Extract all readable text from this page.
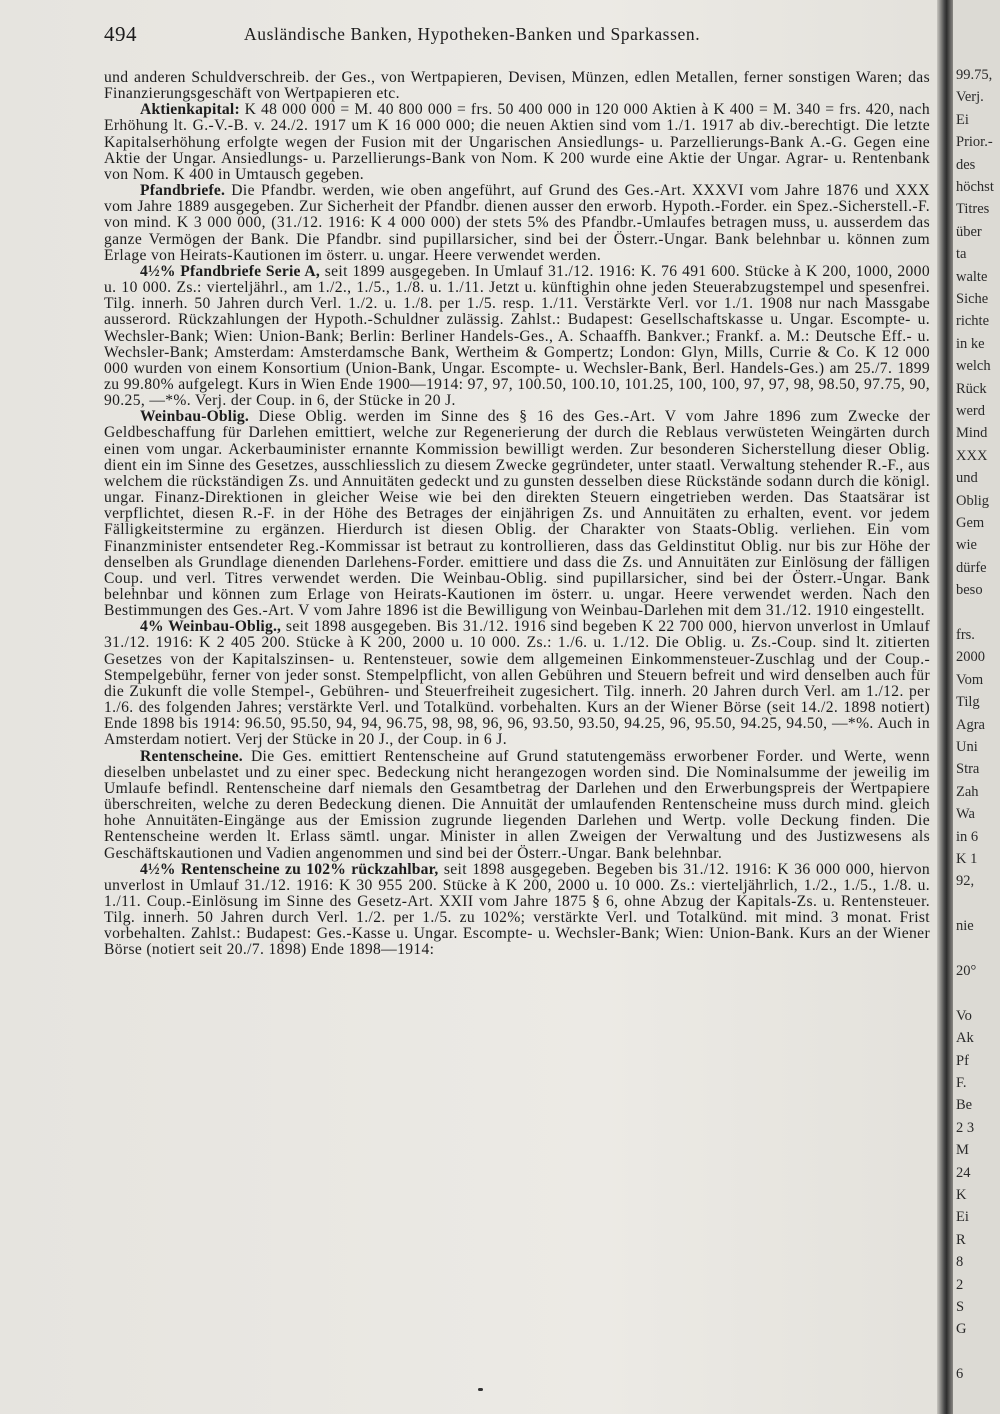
494	Ausländische Banken, Hypotheken-Banken und Sparkassen.

und anderen Schuldverschreib. der Ges., von Wertpapieren, Devisen, Münzen, edlen Metallen, ferner sonstigen Waren; das Finanzierungsgeschäft von Wertpapieren etc.

Aktienkapital: K 48 000 000 = M. 40 800 000 = frs. 50 400 000 in 120 000 Aktien à K 400 = M. 340 = frs. 420, nach Erhöhung lt. G.-V.-B. v. 24./2. 1917 um K 16 000 000; die neuen Aktien sind vom 1./1. 1917 ab div.-berechtigt. Die letzte Kapitalserhöhung erfolgte wegen der Fusion mit der Ungarischen Ansiedlungs- u. Parzellierungs-Bank A.-G. Gegen eine Aktie der Ungar. Ansiedlungs- u. Parzellierungs-Bank von Nom. K 200 wurde eine Aktie der Ungar. Agrar- u. Rentenbank von Nom. K 400 in Umtausch gegeben.

Pfandbriefe. Die Pfandbr. werden, wie oben angeführt, auf Grund des Ges.-Art. XXXVI vom Jahre 1876 und XXX vom Jahre 1889 ausgegeben. Zur Sicherheit der Pfandbr. dienen ausser den erworb. Hypoth.-Forder. ein Spez.-Sicherstell.-F. von mind. K 3 000 000, (31./12. 1916: K 4 000 000) der stets 5% des Pfandbr.-Umlaufes betragen muss, u. ausserdem das ganze Vermögen der Bank. Die Pfandbr. sind pupillarsicher, sind bei der Österr.-Ungar. Bank belehnbar u. können zum Erlage von Heirats-Kautionen im österr. u. ungar. Heere verwendet werden.

4½% Pfandbriefe Serie A, seit 1899 ausgegeben. In Umlauf 31./12. 1916: K. 76 491 600. Stücke à K 200, 1000, 2000 u. 10 000. Zs.: vierteljährl., am 1./2., 1./5., 1./8. u. 1./11. Jetzt u. künftighin ohne jeden Steuerabzugstempel und spesenfrei. Tilg. innerh. 50 Jahren durch Verl. 1./2. u. 1./8. per 1./5. resp. 1./11. Verstärkte Verl. vor 1./1. 1908 nur nach Massgabe ausserord. Rückzahlungen der Hypoth.-Schuldner zulässig. Zahlst.: Budapest: Gesellschaftskasse u. Ungar. Escompte- u. Wechsler-Bank; Wien: Union-Bank; Berlin: Berliner Handels-Ges., A. Schaaffh. Bankver.; Frankf. a. M.: Deutsche Eff.- u. Wechsler-Bank; Amsterdam: Amsterdamsche Bank, Wertheim & Gompertz; London: Glyn, Mills, Currie & Co. K 12 000 000 wurden von einem Konsortium (Union-Bank, Ungar. Escompte- u. Wechsler-Bank, Berl. Handels-Ges.) am 25./7. 1899 zu 99.80% aufgelegt. Kurs in Wien Ende 1900—1914: 97, 97, 100.50, 100.10, 101.25, 100, 100, 97, 97, 98, 98.50, 97.75, 90, 90.25, —*%. Verj. der Coup. in 6, der Stücke in 20 J.

Weinbau-Oblig. Diese Oblig. werden im Sinne des § 16 des Ges.-Art. V vom Jahre 1896 zum Zwecke der Geldbeschaffung für Darlehen emittiert, welche zur Regenerierung der durch die Reblaus verwüsteten Weingärten durch einen vom ungar. Ackerbauminister ernannte Kommission bewilligt werden. Zur besonderen Sicherstellung dieser Oblig. dient ein im Sinne des Gesetzes, ausschliesslich zu diesem Zwecke gegründeter, unter staatl. Verwaltung stehender R.-F., aus welchem die rückständigen Zs. und Annuitäten gedeckt und zu gunsten desselben diese Rückstände sodann durch die königl. ungar. Finanz-Direktionen in gleicher Weise wie bei den direkten Steuern eingetrieben werden. Das Staatsärar ist verpflichtet, diesen R.-F. in der Höhe des Betrages der einjährigen Zs. und Annuitäten zu erhalten, event. vor jedem Fälligkeitstermine zu ergänzen. Hierdurch ist diesen Oblig. der Charakter von Staats-Oblig. verliehen. Ein vom Finanzminister entsendeter Reg.-Kommissar ist betraut zu kontrollieren, dass das Geldinstitut Oblig. nur bis zur Höhe der denselben als Grundlage dienenden Darlehens-Forder. emittiere und dass die Zs. und Annuitäten zur Einlösung der fälligen Coup. und verl. Titres verwendet werden. Die Weinbau-Oblig. sind pupillarsicher, sind bei der Österr.-Ungar. Bank belehnbar und können zum Erlage von Heirats-Kautionen im österr. u. ungar. Heere verwendet werden. Nach den Bestimmungen des Ges.-Art. V vom Jahre 1896 ist die Bewilligung von Weinbau-Darlehen mit dem 31./12. 1910 eingestellt.

4% Weinbau-Oblig., seit 1898 ausgegeben. Bis 31./12. 1916 sind begeben K 22 700 000, hiervon unverlost in Umlauf 31./12. 1916: K 2 405 200. Stücke à K 200, 2000 u. 10 000. Zs.: 1./6. u. 1./12. Die Oblig. u. Zs.-Coup. sind lt. zitierten Gesetzes von der Kapitalszinsen- u. Rentensteuer, sowie dem allgemeinen Einkommensteuer-Zuschlag und der Coup.-Stempelgebühr, ferner von jeder sonst. Stempelpflicht, von allen Gebühren und Steuern befreit und wird denselben auch für die Zukunft die volle Stempel-, Gebühren- und Steuerfreiheit zugesichert. Tilg. innerh. 20 Jahren durch Verl. am 1./12. per 1./6. des folgenden Jahres; verstärkte Verl. und Totalkünd. vorbehalten. Kurs an der Wiener Börse (seit 14./2. 1898 notiert) Ende 1898 bis 1914: 96.50, 95.50, 94, 94, 96.75, 98, 98, 96, 96, 93.50, 93.50, 94.25, 96, 95.50, 94.25, 94.50, —*%. Auch in Amsterdam notiert. Verj der Stücke in 20 J., der Coup. in 6 J.

Rentenscheine. Die Ges. emittiert Rentenscheine auf Grund statutengemäss erworbener Forder. und Werte, wenn dieselben unbelastet und zu einer spec. Bedeckung nicht herangezogen worden sind. Die Nominalsumme der jeweilig im Umlaufe befindl. Rentenscheine darf niemals den Gesamtbetrag der Darlehen und den Erwerbungspreis der Wertpapiere überschreiten, welche zu deren Bedeckung dienen. Die Annuität der umlaufenden Rentenscheine muss durch mind. gleich hohe Annuitäten-Eingänge aus der Emission zugrunde liegenden Darlehen und Wertp. volle Deckung finden. Die Rentenscheine werden lt. Erlass sämtl. ungar. Minister in allen Zweigen der Verwaltung und des Justizwesens als Geschäftskautionen und Vadien angenommen und sind bei der Österr.-Ungar. Bank belehnbar.

4½% Rentenscheine zu 102% rückzahlbar, seit 1898 ausgegeben. Begeben bis 31./12. 1916: K 36 000 000, hiervon unverlost in Umlauf 31./12. 1916: K 30 955 200. Stücke à K 200, 2000 u. 10 000. Zs.: vierteljährlich, 1./2., 1./5., 1./8. u. 1./11. Coup.-Einlösung im Sinne des Gesetz-Art. XXII vom Jahre 1875 § 6, ohne Abzug der Kapitals-Zs. u. Rentensteuer. Tilg. innerh. 50 Jahren durch Verl. 1./2. per 1./5. zu 102%; verstärkte Verl. und Totalkünd. mit mind. 3 monat. Frist vorbehalten. Zahlst.: Budapest: Ges.-Kasse u. Ungar. Escompte- u. Wechsler-Bank; Wien: Union-Bank. Kurs an der Wiener Börse (notiert seit 20./7. 1898) Ende 1898—1914:

99.75,
Verj.
Ei
Prior.-
des
höchst
Titres
über
ta
walte
Siche
richte
in ke
welch
Rück
werd
Mind
XXX
und
Oblig
Gem
wie
dürfe
beso
frs.
2000
Vom
Tilg
Agra
Uni
Stra
Zah
Wa
in 6
K 1
92,
nie
20°
Vo
Ak
Pf
F.
Be
2 3
M
24
K
Ei
R
8
2
S
G
6
